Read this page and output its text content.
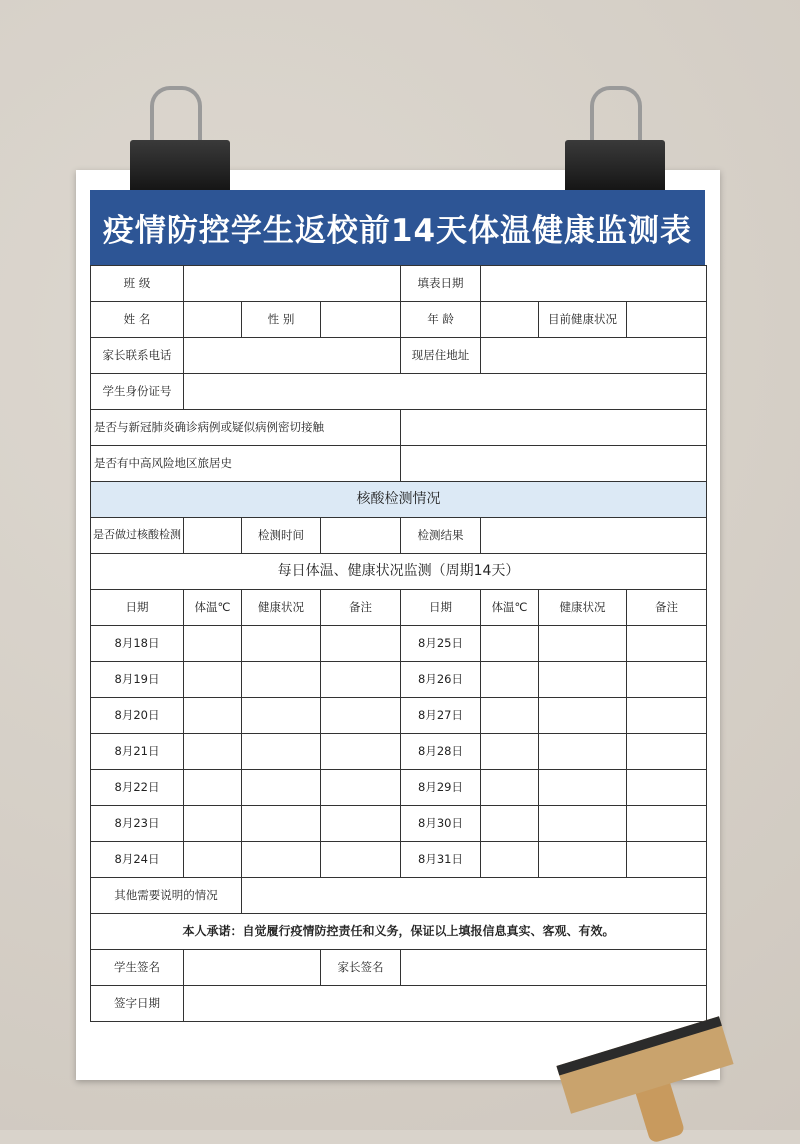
疫情防控学生返校前14天体温健康监测表
班 级				填表日期			
姓 名		性 别		年 龄		目前健康状况	
家长联系电话				现居住地址			
学生身份证号							
是否与新冠肺炎确诊病例或疑似病例密切接触							
是否有中高风险地区旅居史							
核酸检测情况							
是否做过核酸检测		检测时间		检测结果			
每日体温、健康状况监测（周期14天）							
日期	体温℃	健康状况	备注	日期	体温℃	健康状况	备注
8月18日				8月25日			
8月19日				8月26日			
8月20日				8月27日			
8月21日				8月28日			
8月22日				8月29日			
8月23日				8月30日			
8月24日				8月31日			
其他需要说明的情况							
本人承诺：自觉履行疫情防控责任和义务，保证以上填报信息真实、客观、有效。							
学生签名			家长签名				
签字日期							
